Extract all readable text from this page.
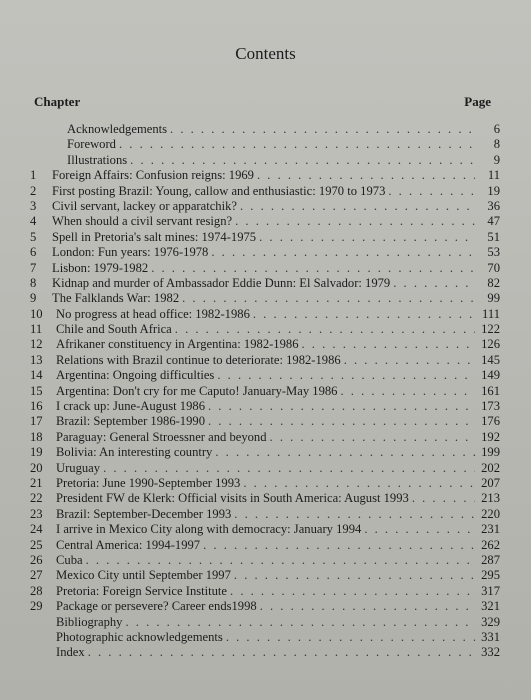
Contents
Chapter	Page
Acknowledgements . . .	6
Foreword . . .	8
Illustrations . . .	9
1	Foreign Affairs: Confusion reigns: 1969 . . .	11
2	First posting Brazil: Young, callow and enthusiastic: 1970 to 1973 . . .	19
3	Civil servant, lackey or apparatchik? . . .	36
4	When should a civil servant resign? . . .	47
5	Spell in Pretoria's salt mines: 1974-1975 . . .	51
6	London: Fun years: 1976-1978 . . .	53
7	Lisbon: 1979-1982 . . .	70
8	Kidnap and murder of Ambassador Eddie Dunn: El Salvador: 1979 . . .	82
9	The Falklands War: 1982 . . .	99
10 No progress at head office: 1982-1986 . . .	111
11	Chile and South Africa . . .	122
12 Afrikaner constituency in Argentina: 1982-1986 . . .	126
13 Relations with Brazil continue to deteriorate: 1982-1986 . . .	145
14 Argentina: Ongoing difficulties . . .	149
15 Argentina: Don't cry for me Caputo! January-May 1986 . . .	161
16 I crack up: June-August 1986 . . .	173
17 Brazil: September 1986-1990 . . .	176
18 Paraguay: General Stroessner and beyond . . .	192
19 Bolivia: An interesting country . . .	199
20 Uruguay . . .	202
21 Pretoria: June 1990-September 1993 . . .	207
22 President FW de Klerk: Official visits in South America: August 1993 . . .	213
23 Brazil: September-December 1993 . . .	220
24 I arrive in Mexico City along with democracy: January 1994 . . .	231
25 Central America: 1994-1997 . . .	262
26 Cuba . . .	287
27 Mexico City until September 1997 . . .	295
28 Pretoria: Foreign Service Institute . . .	317
29 Package or persevere? Career ends1998 . . .	321
Bibliography . . .	329
Photographic acknowledgements . . .	331
Index . . .	332
